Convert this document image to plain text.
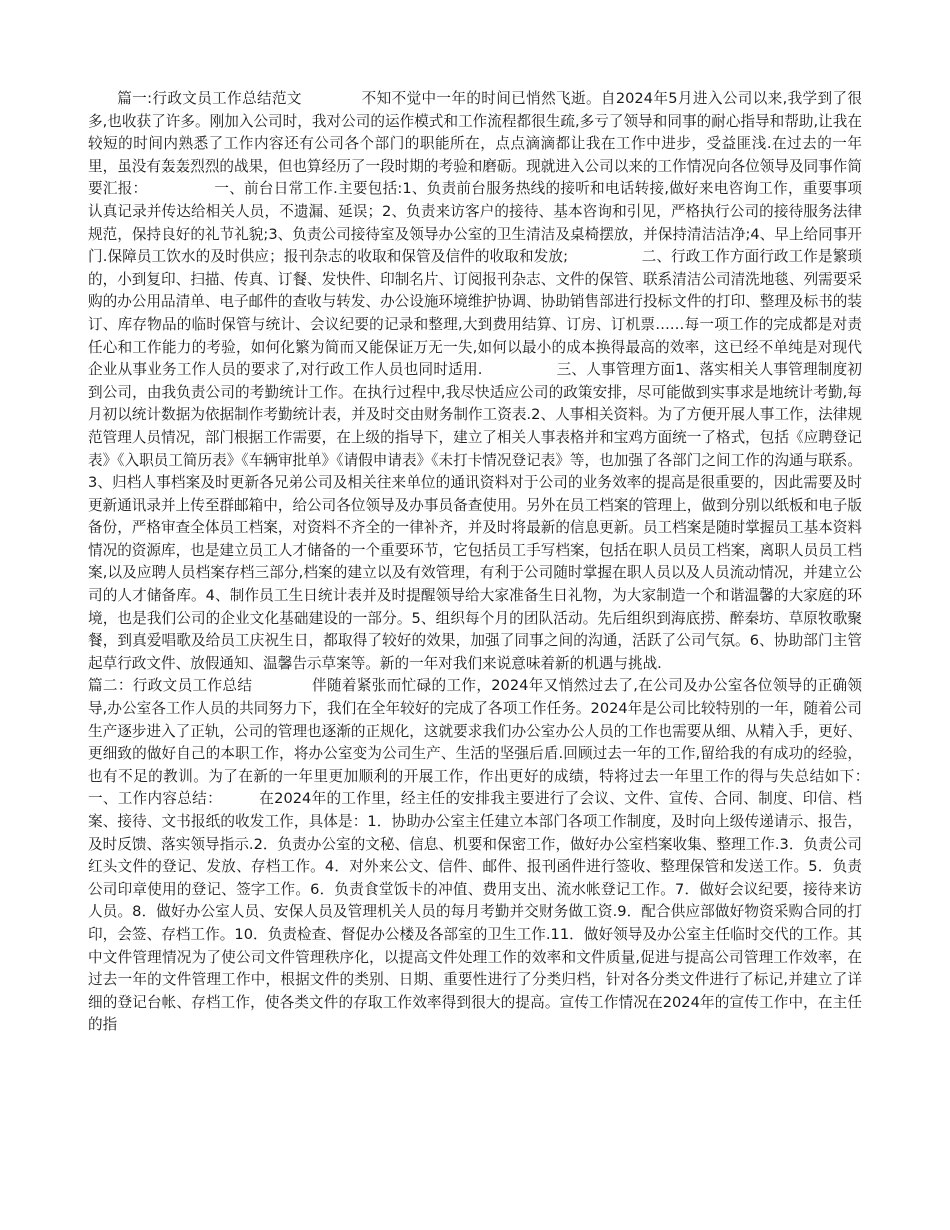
篇一:行政文员工作总结范文　　　　不知不觉中一年的时间已悄然飞逝。自2024年5月进入公司以来,我学到了很多,也收获了许多。刚加入公司时，我对公司的运作模式和工作流程都很生疏,多亏了领导和同事的耐心指导和帮助,让我在较短的时间内熟悉了工作内容还有公司各个部门的职能所在，点点滴滴都让我在工作中进步，受益匪浅.在过去的一年里，虽没有轰轰烈烈的战果，但也算经历了一段时期的考验和磨砺。现就进入公司以来的工作情况向各位领导及同事作简要汇报：　　　　　一、前台日常工作.主要包括:1、负责前台服务热线的接听和电话转接,做好来电咨询工作，重要事项认真记录并传达给相关人员，不遗漏、延误；2、负责来访客户的接待、基本咨询和引见，严格执行公司的接待服务法律规范，保持良好的礼节礼貌;3、负责公司接待室及领导办公室的卫生清洁及桌椅摆放，并保持清洁洁净;4、早上给同事开门.保障员工饮水的及时供应；报刊杂志的收取和保管及信件的收取和发放;　　　　　二、行政工作方面行政工作是繁琐的，小到复印、扫描、传真、订餐、发快件、印制名片、订阅报刊杂志、文件的保管、联系清洁公司清洗地毯、列需要采购的办公用品清单、电子邮件的查收与转发、办公设施环境维护协调、协助销售部进行投标文件的打印、整理及标书的装订、库存物品的临时保管与统计、会议纪要的记录和整理,大到费用结算、订房、订机票……每一项工作的完成都是对责任心和工作能力的考验，如何化繁为简而又能保证万无一失,如何以最小的成本换得最高的效率，这已经不单纯是对现代企业从事业务工作人员的要求了,对行政工作人员也同时适用.　　　　　三、人事管理方面1、落实相关人事管理制度初到公司，由我负责公司的考勤统计工作。在执行过程中,我尽快适应公司的政策安排，尽可能做到实事求是地统计考勤,每月初以统计数据为依据制作考勤统计表，并及时交由财务制作工资表.2、人事相关资料。为了方便开展人事工作，法律规范管理人员情况，部门根据工作需要，在上级的指导下，建立了相关人事表格并和宝鸡方面统一了格式，包括《应聘登记表》《入职员工简历表》《车辆审批单》《请假申请表》《未打卡情况登记表》等，也加强了各部门之间工作的沟通与联系。3、归档人事档案及时更新各兄弟公司及相关往来单位的通讯资料对于公司的业务效率的提高是很重要的，因此需要及时更新通讯录并上传至群邮箱中，给公司各位领导及办事员备查使用。另外在员工档案的管理上，做到分别以纸板和电子版备份，严格审查全体员工档案，对资料不齐全的一律补齐，并及时将最新的信息更新。员工档案是随时掌握员工基本资料情况的资源库，也是建立员工人才储备的一个重要环节，它包括员工手写档案，包括在职人员员工档案，离职人员员工档案,以及应聘人员档案存档三部分,档案的建立以及有效管理，有利于公司随时掌握在职人员以及人员流动情况，并建立公司的人才储备库。4、制作员工生日统计表并及时提醒领导给大家准备生日礼物，为大家制造一个和谐温馨的大家庭的环境，也是我们公司的企业文化基础建设的一部分。5、组织每个月的团队活动。先后组织到海底捞、醉秦坊、草原牧歌聚餐，到真爱唱歌及给员工庆祝生日，都取得了较好的效果，加强了同事之间的沟通，活跃了公司气氛。6、协助部门主管起草行政文件、放假通知、温馨告示草案等。新的一年对我们来说意味着新的机遇与挑战.

篇二：行政文员工作总结　　　　伴随着紧张而忙碌的工作，2024年又悄然过去了,在公司及办公室各位领导的正确领导,办公室各工作人员的共同努力下，我们在全年较好的完成了各项工作任务。2024年是公司比较特别的一年，随着公司生产逐步进入了正轨，公司的管理也逐渐的正规化，这就要求我们办公室办公人员的工作也需要从细、从精入手，更好、更细致的做好自己的本职工作，将办公室变为公司生产、生活的坚强后盾.回顾过去一年的工作,留给我的有成功的经验，也有不足的教训。为了在新的一年里更加顺利的开展工作，作出更好的成绩，特将过去一年里工作的得与失总结如下：　　　　　一、工作内容总结：　　　在2024年的工作里，经主任的安排我主要进行了会议、文件、宣传、合同、制度、印信、档案、接待、文书报纸的收发工作，具体是：1．协助办公室主任建立本部门各项工作制度，及时向上级传递请示、报告，及时反馈、落实领导指示.2．负责办公室的文秘、信息、机要和保密工作，做好办公室档案收集、整理工作.3．负责公司红头文件的登记、发放、存档工作。4．对外来公文、信件、邮件、报刊函件进行签收、整理保管和发送工作。5．负责公司印章使用的登记、签字工作。6．负责食堂饭卡的冲值、费用支出、流水帐登记工作。7．做好会议纪要，接待来访人员。8．做好办公室人员、安保人员及管理机关人员的每月考勤并交财务做工资.9．配合供应部做好物资采购合同的打印，会签、存档工作。10．负责检查、督促办公楼及各部室的卫生工作.11．做好领导及办公室主任临时交代的工作。其中文件管理情况为了使公司文件管理秩序化，以提高文件处理工作的效率和文件质量,促进与提高公司管理工作效率，在过去一年的文件管理工作中，根据文件的类别、日期、重要性进行了分类归档，针对各分类文件进行了标记,并建立了详细的登记台帐、存档工作，使各类文件的存取工作效率得到很大的提高。宣传工作情况在2024年的宣传工作中，在主任的指
